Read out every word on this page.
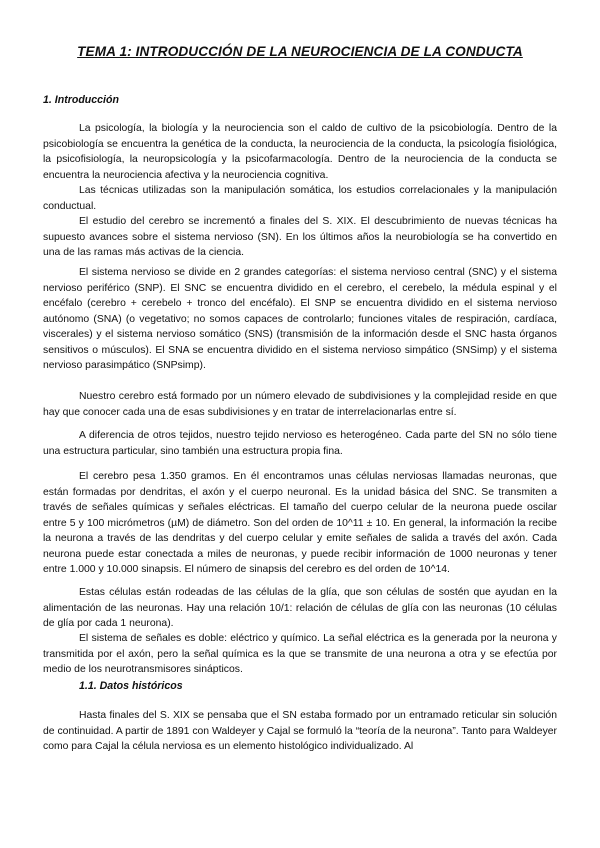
TEMA 1: INTRODUCCIÓN DE LA NEUROCIENCIA DE LA CONDUCTA
1. Introducción

La psicología, la biología y la neurociencia son el caldo de cultivo de la psicobiología. Dentro de la psicobiología se encuentra la genética de la conducta, la neurociencia de la conducta, la psicología fisiológica, la psicofisiología, la neuropsicología y la psicofarmacología. Dentro de la neurociencia de la conducta se encuentra la neurociencia afectiva y la neurociencia cognitiva.

Las técnicas utilizadas son la manipulación somática, los estudios correlacionales y la manipulación conductual.

El estudio del cerebro se incrementó a finales del S. XIX. El descubrimiento de nuevas técnicas ha supuesto avances sobre el sistema nervioso (SN). En los últimos años la neurobiología se ha convertido en una de las ramas más activas de la ciencia.

El sistema nervioso se divide en 2 grandes categorías: el sistema nervioso central (SNC) y el sistema nervioso periférico (SNP). El SNC se encuentra dividido en el cerebro, el cerebelo, la médula espinal y el encéfalo (cerebro + cerebelo + tronco del encéfalo). El SNP se encuentra dividido en el sistema nervioso autónomo (SNA) (o vegetativo; no somos capaces de controlarlo; funciones vitales de respiración, cardíaca, viscerales) y el sistema nervioso somático (SNS) (transmisión de la información desde el SNC hasta órganos sensitivos o músculos). El SNA se encuentra dividido en el sistema nervioso simpático (SNSimp) y el sistema nervioso parasimpático (SNPsimp).

Nuestro cerebro está formado por un número elevado de subdivisiones y la complejidad reside en que hay que conocer cada una de esas subdivisiones y en tratar de interrelacionarlas entre sí.

A diferencia de otros tejidos, nuestro tejido nervioso es heterogéneo. Cada parte del SN no sólo tiene una estructura particular, sino también una estructura propia fina.

El cerebro pesa 1.350 gramos. En él encontramos unas células nerviosas llamadas neuronas, que están formadas por dendritas, el axón y el cuerpo neuronal. Es la unidad básica del SNC. Se transmiten a través de señales químicas y señales eléctricas. El tamaño del cuerpo celular de la neurona puede oscilar entre 5 y 100 micrómetros (µM) de diámetro. Son del orden de 10^11 ± 10. En general, la información la recibe la neurona a través de las dendritas y del cuerpo celular y emite señales de salida a través del axón. Cada neurona puede estar conectada a miles de neuronas, y puede recibir información de 1000 neuronas y tener entre 1.000 y 10.000 sinapsis. El número de sinapsis del cerebro es del orden de 10^14.

Estas células están rodeadas de las células de la glía, que son células de sostén que ayudan en la alimentación de las neuronas. Hay una relación 10/1: relación de células de glía con las neuronas (10 células de glía por cada 1 neurona).

El sistema de señales es doble: eléctrico y químico. La señal eléctrica es la generada por la neurona y transmitida por el axón, pero la señal química es la que se transmite de una neurona a otra y se efectúa por medio de los neurotransmisores sinápticos.

1.1. Datos históricos

Hasta finales del S. XIX se pensaba que el SN estaba formado por un entramado reticular sin solución de continuidad. A partir de 1891 con Waldeyer y Cajal se formuló la “teoría de la neurona”. Tanto para Waldeyer como para Cajal la célula nerviosa es un elemento histológico individualizado. Al
